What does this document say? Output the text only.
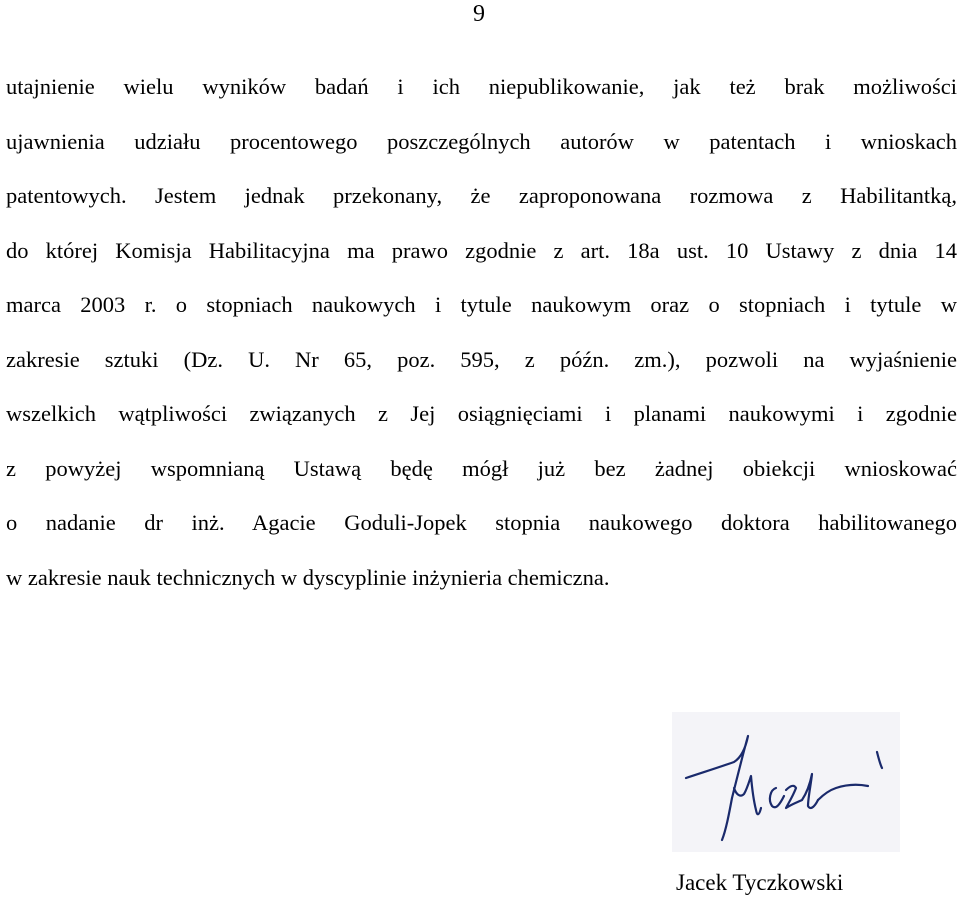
9
utajnienie wielu wyników badań i ich niepublikowanie, jak też brak możliwości
ujawnienia udziału procentowego poszczególnych autorów w patentach i wnioskach
patentowych. Jestem jednak przekonany, że zaproponowana rozmowa z Habilitantką,
do której Komisja Habilitacyjna ma prawo zgodnie z art. 18a ust. 10 Ustawy z dnia 14
marca 2003 r. o stopniach naukowych i tytule naukowym oraz o stopniach i tytule w
zakresie sztuki (Dz. U. Nr 65, poz. 595, z późn. zm.), pozwoli na wyjaśnienie
wszelkich wątpliwości związanych z Jej osiągnięciami i planami naukowymi i zgodnie
z powyżej wspomnianą Ustawą będę mógł już bez żadnej obiekcji wnioskować
o nadanie dr inż. Agacie Goduli-Jopek stopnia naukowego doktora habilitowanego
w zakresie nauk technicznych w dyscyplinie inżynieria chemiczna.
Jacek Tyczkowski
